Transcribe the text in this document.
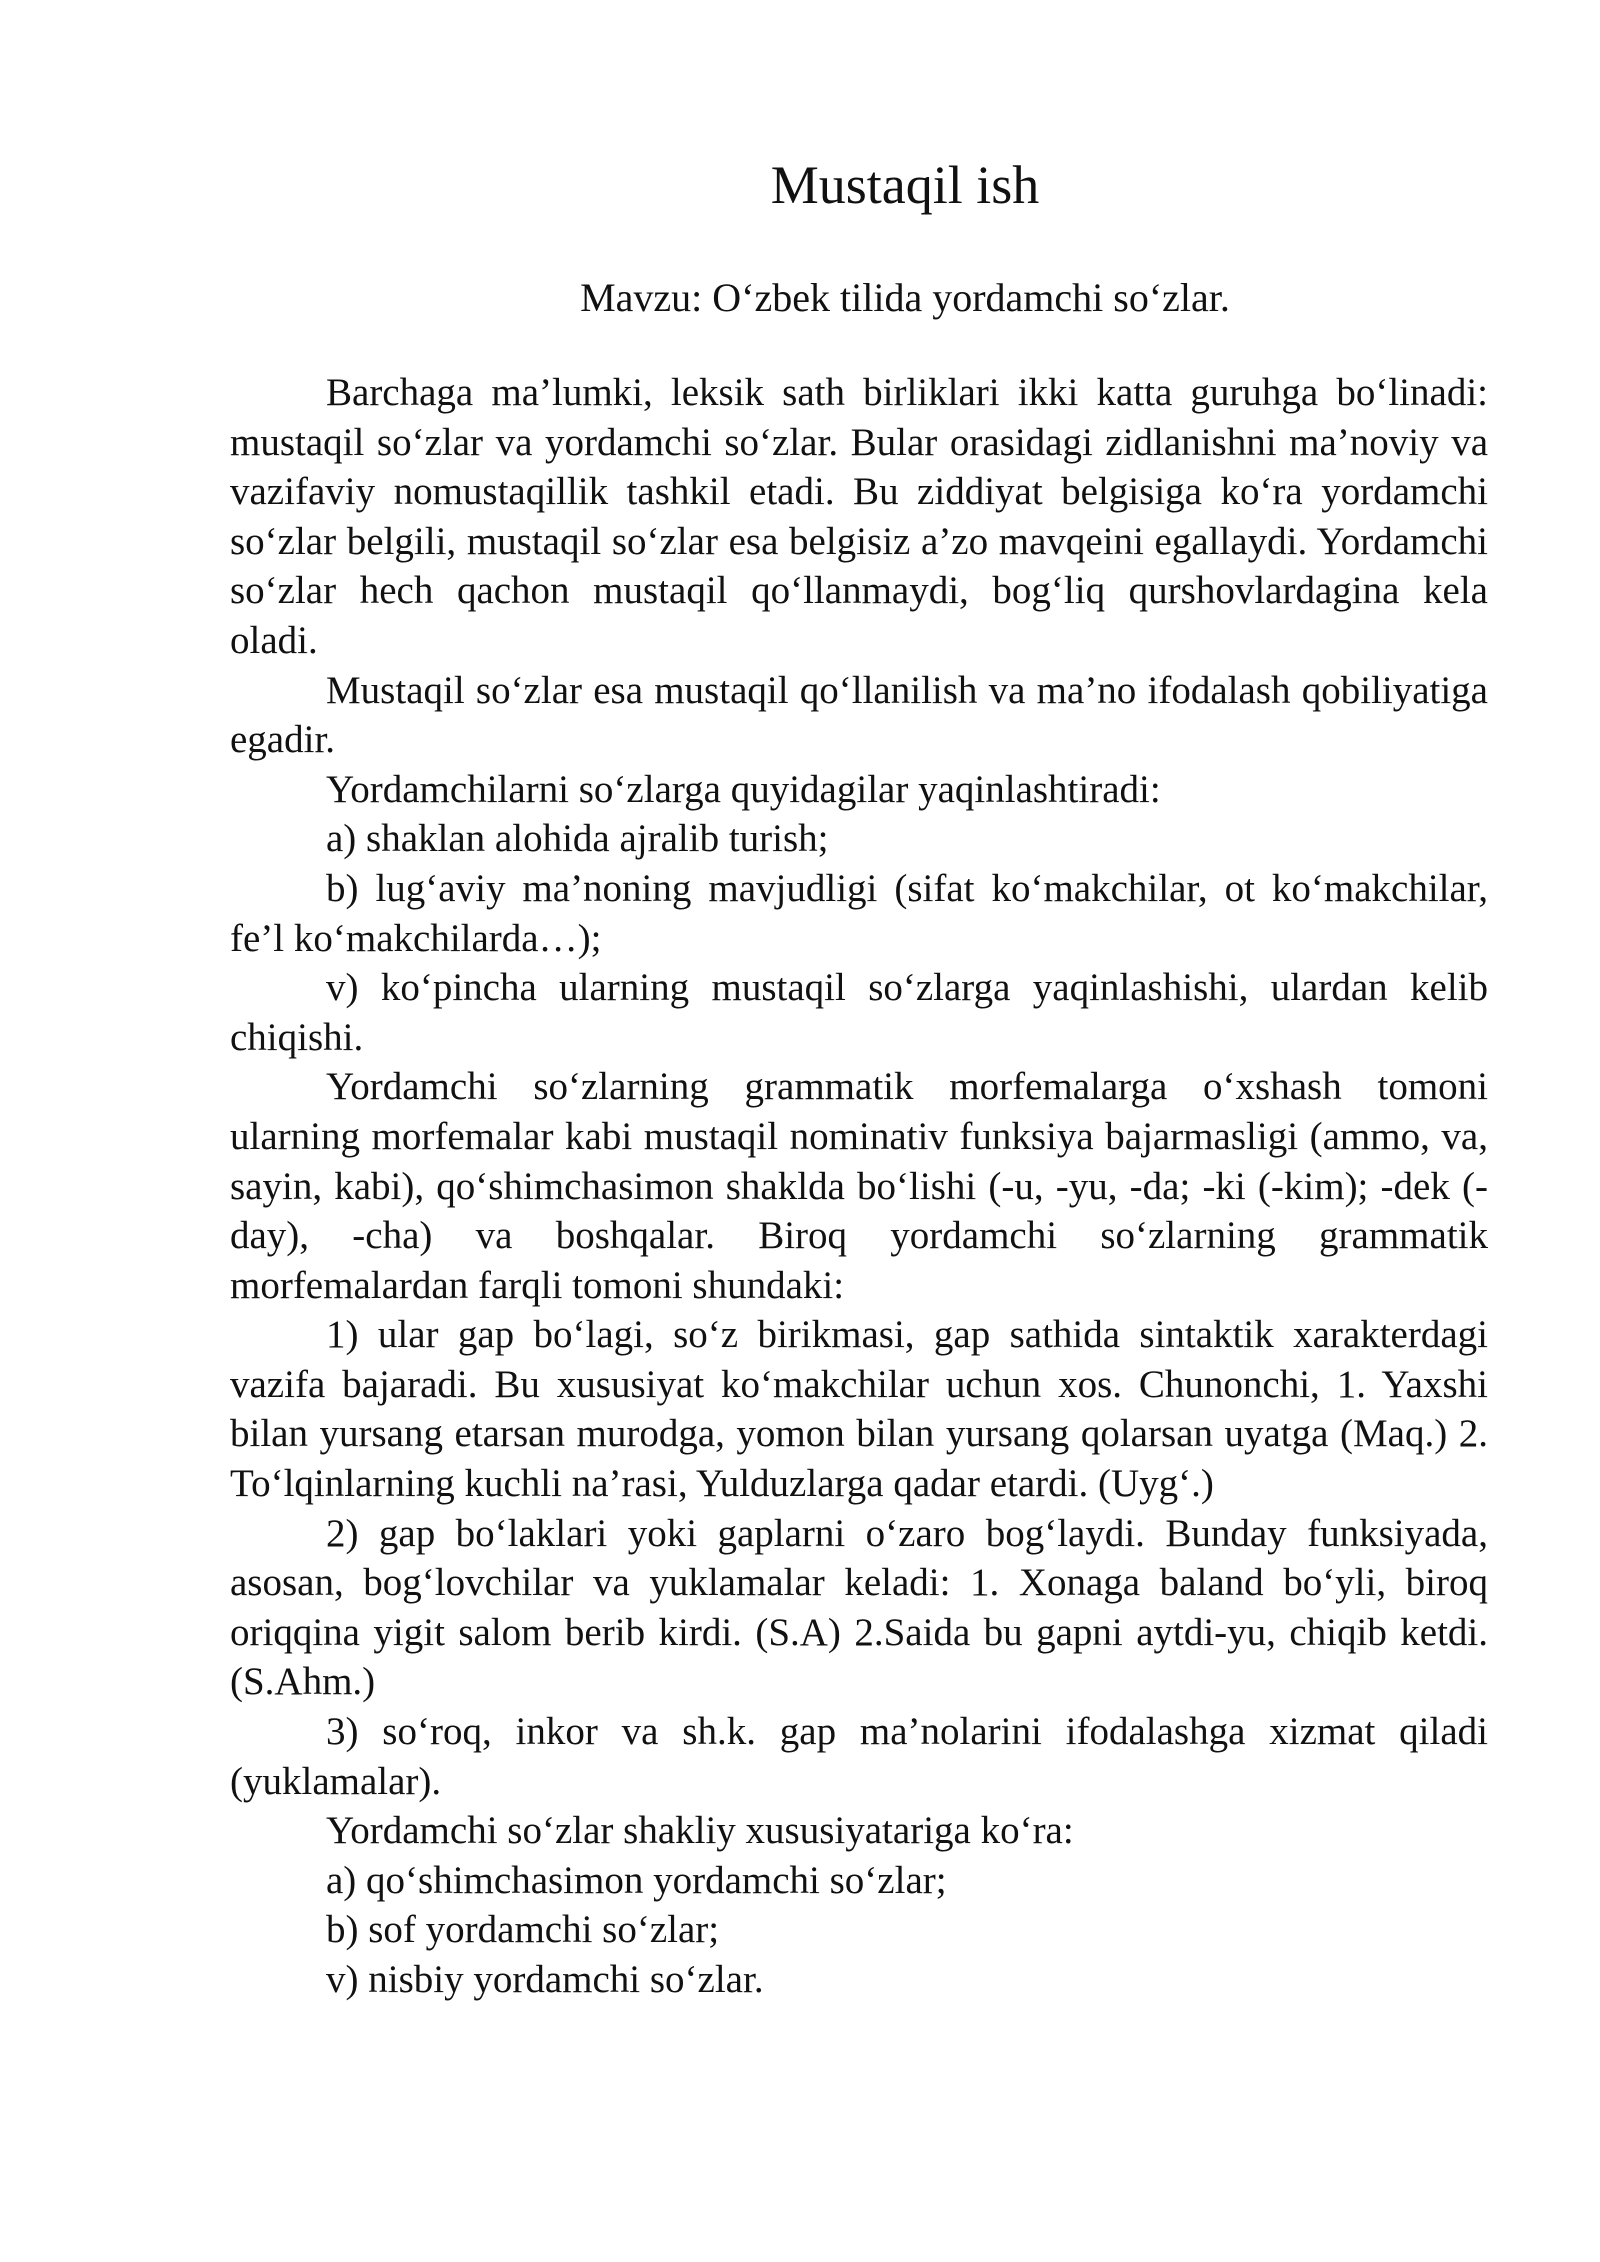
Mustaqil ish
Mavzu: O‘zbek tilida yordamchi so‘zlar.

Barchaga ma’lumki, leksik sath birliklari ikki katta guruhga bo‘linadi: mustaqil so‘zlar va yordamchi so‘zlar. Bular orasidagi zidlanishni ma’noviy va vazifaviy nomustaqillik tashkil etadi. Bu ziddiyat belgisiga ko‘ra yordamchi so‘zlar belgili, mustaqil so‘zlar esa belgisiz a’zo mavqeini egallaydi. Yordamchi so‘zlar hech qachon mustaqil qo‘llanmaydi, bog‘liq qurshovlardagina kela oladi.

Mustaqil so‘zlar esa mustaqil qo‘llanilish va ma’no ifodalash qobiliyatiga egadir.

Yordamchilarni so‘zlarga quyidagilar yaqinlashtiradi:

a) shaklan alohida ajralib turish;

b) lug‘aviy ma’noning mavjudligi (sifat ko‘makchilar, ot ko‘makchilar, fe’l ko‘makchilarda…);

v) ko‘pincha ularning mustaqil so‘zlarga yaqinlashishi, ulardan kelib chiqishi.

Yordamchi so‘zlarning grammatik morfemalarga o‘xshash tomoni ularning morfemalar kabi mustaqil nominativ funksiya bajarmasligi (ammo, va, sayin, kabi), qo‘shimchasimon shakldа bo‘lishi (-u, -yu, -da; -ki (-kim); -dek (-day), -cha) va boshqalar. Biroq yordamchi so‘zlarning grammatik morfemalardan farqli tomoni shundaki:

1) ular gap bo‘lagi, so‘z birikmasi, gap sathida sintaktik xarakterdagi vazifa bajaradi. Bu xususiyat ko‘makchilar uchun xos. Chunonchi, 1. Yaxshi bilan yursang etarsan murodga, yomon bilan yursang qolarsan uyatga (Maq.) 2. To‘lqinlarning kuchli na’rasi, Yulduzlarga qadar etardi. (Uyg‘.)

2) gap bo‘laklari yoki gaplarni o‘zaro bog‘laydi. Bunday funksiyada, asosan, bog‘lovchilar va yuklamalar keladi: 1. Xonaga baland bo‘yli, biroq oriqqina yigit salom berib kirdi. (S.A) 2.Saida bu gapni aytdi-yu, chiqib ketdi. (S.Ahm.)

3) so‘roq, inkor va sh.k. gap ma’nolarini ifodalashga xizmat qiladi (yuklamalar).

Yordamchi so‘zlar shakliy xususiyatariga ko‘ra:

a) qo‘shimchasimon yordamchi so‘zlar;

b) sof yordamchi so‘zlar;

v) nisbiy yordamchi so‘zlar.
